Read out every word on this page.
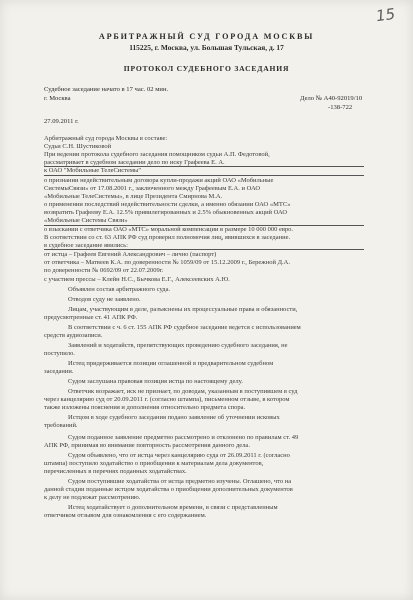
15
АРБИТРАЖНЫЙ СУД ГОРОДА МОСКВЫ
115225, г. Москва, ул. Большая Тульская, д. 17
ПРОТОКОЛ СУДЕБНОГО ЗАСЕДАНИЯ
Судебное заседание начато в 17 час. 02 мин.
г. Москва	Дело № А40-92019/10
-138-722
27.09.2011 г.
Арбитражный суд города Москвы в составе:
Судьи С.Н. Шустиковой
При ведении протокола судебного заседания помощником судьи А.П. Федотовой,
рассматривает в судебном заседании дело по иску Графеева Е. А.
к ОАО "Мобильные ТелеСистемы"
о признании недействительным договора купли-продажи акций ОАО «Мобильные
СистемыСвязи» от 17.08.2001 г., заключенного между Графеевым Е.А. и ОАО
«Мобильные ТелеСистемы», в лице Президента Смирнова М.А.
о применении последствий недействительности сделки, а именно обязании ОАО «МТС»
возвратить Графееву Е.А. 12.5% привилегированных и 2.5% обыкновенных акций ОАО
«Мобильные Системы Связи»
о взыскании с ответчика ОАО «МТС» моральной компенсации в размере 10 000 000 евро.
В соответствии со ст. 63 АПК РФ суд проверил полномочия лиц, явившихся в заседание.
в судебное заседание явились:
от истца – Графеев Евгений Александрович – лично (паспорт)
от ответчика – Матвеев К.А. по доверенности № 1059/09 от 15.12.2009 г., Бережной Д.А.
по доверенности № 0692/09 от 22.07.2009г.
с участием прессы – Клейн Н.С., Бычкова Е.Г., Алексеевских А.Ю.
Объявлен состав арбитражного суда.
Отводов суду не заявлено.
Лицам, участвующим в деле, разъяснены их процессуальные права и обязанности,
предусмотренные ст. 41 АПК РФ.
В соответствии с ч. 6 ст. 155 АПК РФ судебное заседание ведется с использованием
средств аудиозаписи.
Заявлений и ходатайств, препятствующих проведению судебного заседания, не
поступило.
Истец придерживается позиции оглашенной в предварительном судебном
заседании.
Судом заслушана правовая позиция истца по настоящему делу.
Ответчик возражает, иск не признает, по доводам, указанным в поступившем в суд
через канцелярию суд от 20.09.2011 г. (согласно штампа), письменном отзыве, в котором
также изложены пояснения и дополнения относительно предмета спора.
Истцом в ходе судебного заседания подано заявление об уточнении исковых
требований.
Судом поданное заявление предметно рассмотрено и отклонено по правилам ст. 49
АПК РФ, принимая во внимание повторность рассмотрения данного дела.
Судом объявлено, что от истца через канцелярию суда от 26.09.2011 г. (согласно
штампа) поступило ходатайство о приобщении к материалам дела документов,
перечисленных в перечнях поданных ходатайствах.
Судом поступившие ходатайства от истца предметно изучены. Оглашено, что на
данной стадии поданные истцом ходатайства о приобщении дополнительных документов
к делу не подлежат рассмотрению.
Истец ходатайствует о дополнительном времени, в связи с представленным
ответчиком отзывом для ознакомления с его содержанием.
